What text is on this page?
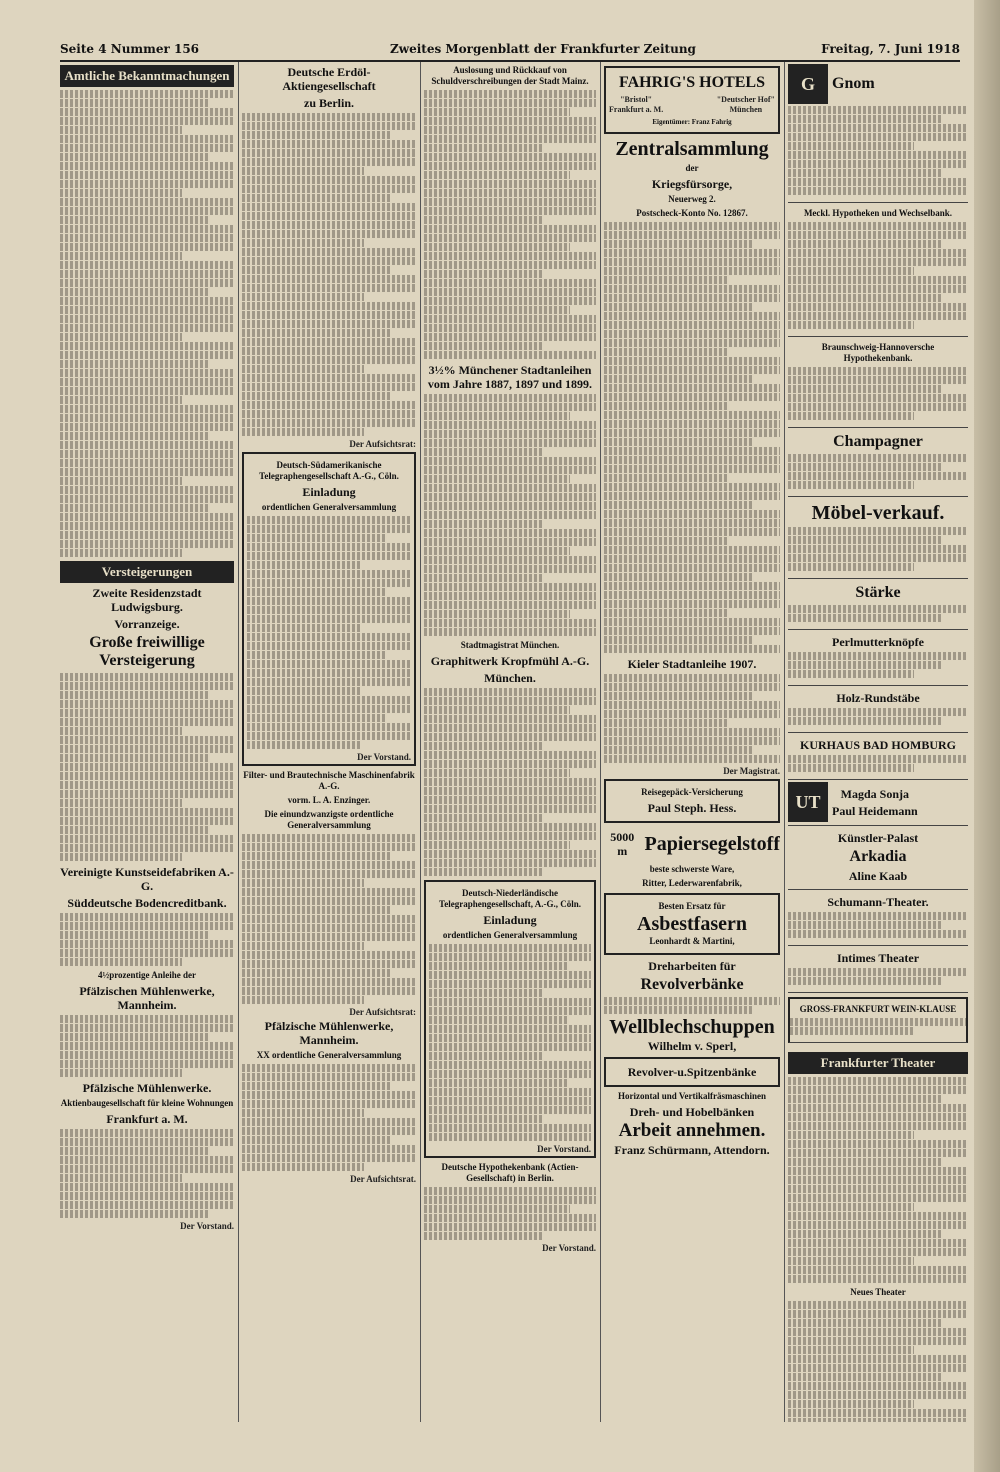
Seite 4 Nummer 156	Zweites Morgenblatt der Frankfurter Zeitung	Freitag, 7. Juni 1918
Amtliche Bekanntmachungen
Versteigerungen
Zweite Residenzstadt Ludwigsburg.
Vorranzeige.
Große freiwillige Versteigerung
Vereinigte Kunstseidefabriken A.-G.
Süddeutsche Bodencreditbank.
4½prozentige Anleihe der
Pfälzischen Mühlenwerke, Mannheim.
Pfälzische Mühlenwerke.
Aktienbaugesellschaft für kleine Wohnungen
Frankfurt a. M.
Der Vorstand.
Deutsche Erdöl-Aktiengesellschaft
zu Berlin.
Der Aufsichtsrat:
Deutsch-Südamerikanische Telegraphengesellschaft A.-G., Cöln.
Einladung
ordentlichen Generalversammlung
Der Vorstand.
Filter- und Brautechnische Maschinenfabrik A.-G.
vorm. L. A. Enzinger.
Die einundzwanzigste ordentliche Generalversammlung
Der Aufsichtsrat:
Pfälzische Mühlenwerke, Mannheim.
XX ordentliche Generalversammlung
Der Aufsichtsrat.
Auslosung und Rückkauf von Schuldverschreibungen der Stadt Mainz.
3½% Münchener Stadtanleihen vom Jahre 1887, 1897 und 1899.
Stadtmagistrat München.
Graphitwerk Kropfmühl A.-G.
München.
Deutsch-Niederländische Telegraphengesellschaft, A.-G., Cöln.
Einladung
ordentlichen Generalversammlung
Der Vorstand.
Deutsche Hypothekenbank (Actien-Gesellschaft) in Berlin.
Der Vorstand.
FAHRIG'S HOTELS
"Bristol"
Frankfurt a. M.
"Deutscher Hof"
München
Eigentümer: Franz Fahrig
Zentralsammlung
der
Kriegsfürsorge,
Neuerweg 2.
Postscheck-Konto No. 12867.
Kieler Stadtanleihe 1907.
Der Magistrat.
Reisegepäck-Versicherung
Paul Steph. Hess.
5000 m Papiersegelstoff
beste schwerste Ware,
Ritter, Lederwarenfabrik,
Besten Ersatz für
Asbestfasern
Leonhardt & Martini,
Dreharbeiten für
Revolverbänke
Wellblechschuppen
Wilhelm v. Sperl,
Revolver-u.Spitzenbänke
Horizontal und Vertikalfräsmaschinen
Dreh- und Hobelbänken
Arbeit annehmen.
Franz Schürmann, Attendorn.
G	Gnom
Meckl. Hypotheken und Wechselbank.
Braunschweig-Hannoversche Hypothekenbank.
Champagner
Möbel-verkauf.
Stärke
Perlmutterknöpfe
Holz-Rundstäbe
KURHAUS BAD HOMBURG
UT	Magda Sonja
Paul Heidemann
Künstler-Palast
Arkadia
Aline Kaab
Schumann-Theater.
Intimes Theater
GROSS-FRANKFURT WEIN-KLAUSE
Frankfurter Theater
Neues Theater
